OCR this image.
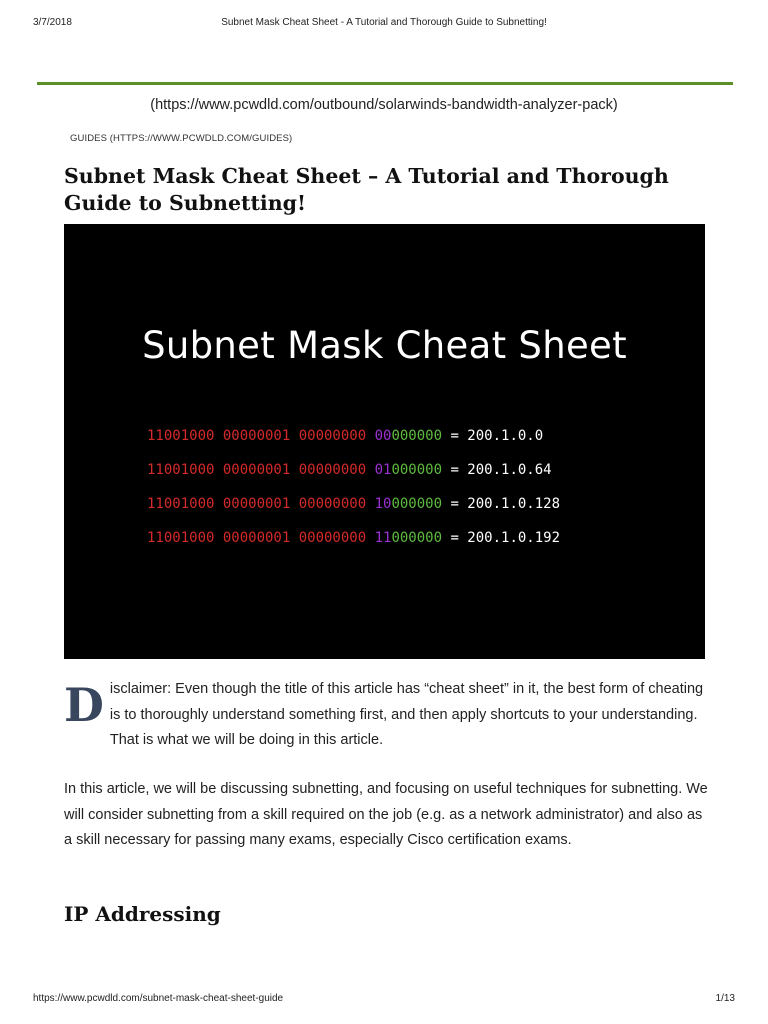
3/7/2018	Subnet Mask Cheat Sheet - A Tutorial and Thorough Guide to Subnetting!
(https://www.pcwdld.com/outbound/solarwinds-bandwidth-analyzer-pack)
GUIDES (HTTPS://WWW.PCWDLD.COM/GUIDES)
Subnet Mask Cheat Sheet – A Tutorial and Thorough Guide to Subnetting!
Subnet Mask Cheat Sheet
11001000 00000001 00000000 00000000 = 200.1.0.0
11001000 00000001 00000000 01000000 = 200.1.0.64
11001000 00000001 00000000 10000000 = 200.1.0.128
11001000 00000001 00000000 11000000 = 200.1.0.192

Disclaimer: Even though the title of this article has “cheat sheet” in it, the best form of cheating is to thoroughly understand something first, and then apply shortcuts to your understanding. That is what we will be doing in this article.

In this article, we will be discussing subnetting, and focusing on useful techniques for subnetting. We will consider subnetting from a skill required on the job (e.g. as a network administrator) and also as a skill necessary for passing many exams, especially Cisco certification exams.

IP Addressing
https://www.pcwdld.com/subnet-mask-cheat-sheet-guide	1/13
